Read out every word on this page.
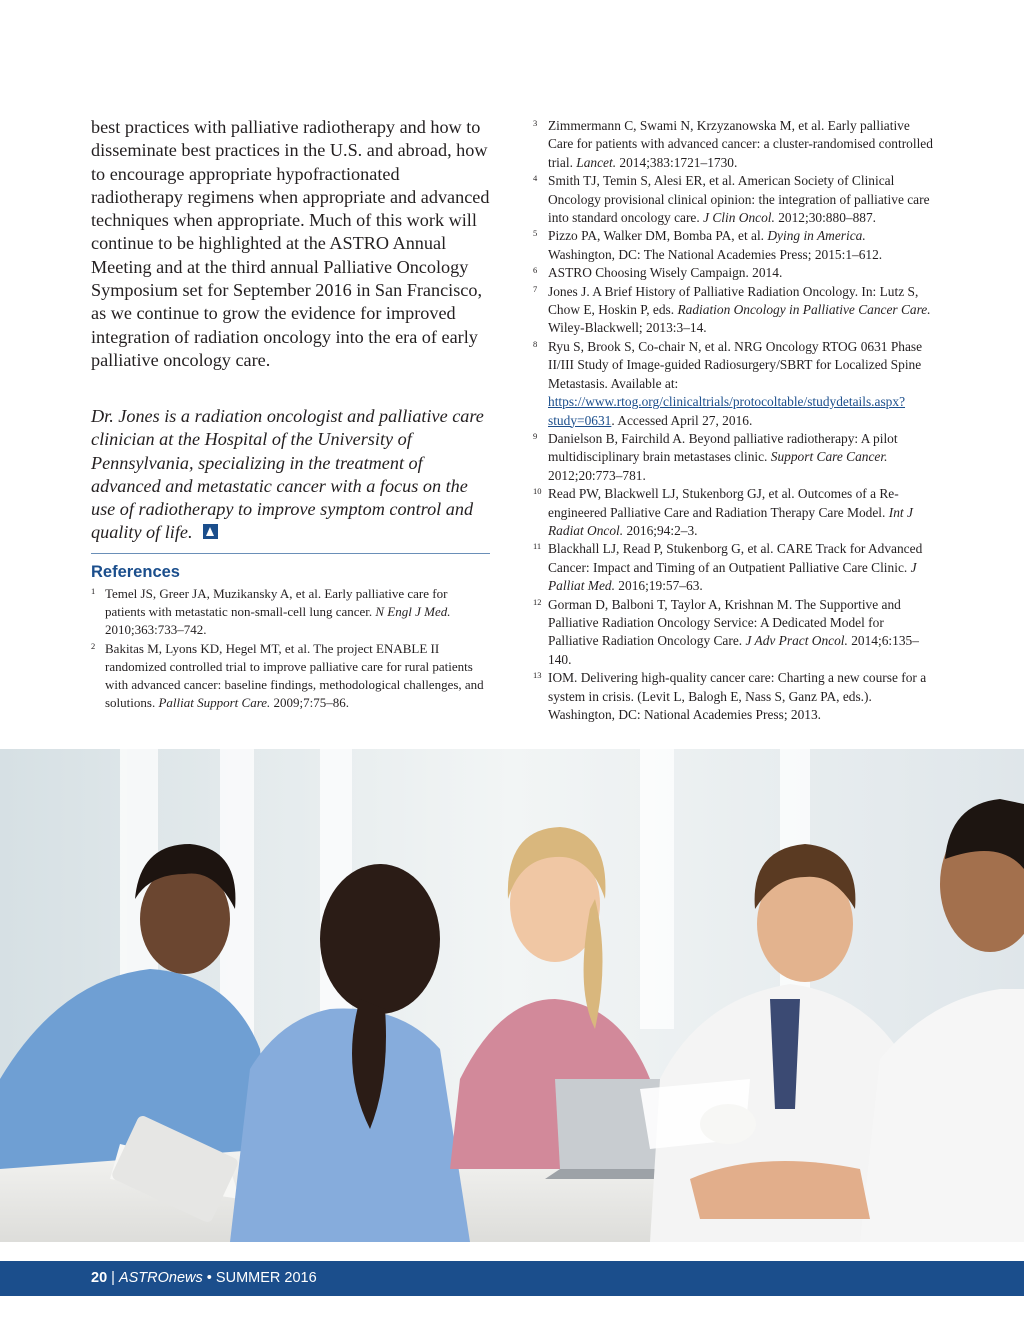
best practices with palliative radiotherapy and how to disseminate best practices in the U.S. and abroad, how to encourage appropriate hypofractionated radiotherapy regimens when appropriate and advanced techniques when appropriate. Much of this work will continue to be highlighted at the ASTRO Annual Meeting and at the third annual Palliative Oncology Symposium set for September 2016 in San Francisco, as we continue to grow the evidence for improved integration of radiation oncology into the era of early palliative oncology care.

Dr. Jones is a radiation oncologist and palliative care clinician at the Hospital of the University of Pennsylvania, specializing in the treatment of advanced and metastatic cancer with a focus on the use of radiotherapy to improve symptom control and quality of life.

References
1 Temel JS, Greer JA, Muzikansky A, et al. Early palliative care for patients with metastatic non-small-cell lung cancer. N Engl J Med. 2010;363:733–742.
2 Bakitas M, Lyons KD, Hegel MT, et al. The project ENABLE II randomized controlled trial to improve palliative care for rural patients with advanced cancer: baseline findings, methodological challenges, and solutions. Palliat Support Care. 2009;7:75–86.
3 Zimmermann C, Swami N, Krzyzanowska M, et al. Early palliative Care for patients with advanced cancer: a cluster-randomised controlled trial. Lancet. 2014;383:1721–1730.
4 Smith TJ, Temin S, Alesi ER, et al. American Society of Clinical Oncology provisional clinical opinion: the integration of palliative care into standard oncology care. J Clin Oncol. 2012;30:880–887.
5 Pizzo PA, Walker DM, Bomba PA, et al. Dying in America. Washington, DC: The National Academies Press; 2015:1–612.
6 ASTRO Choosing Wisely Campaign. 2014.
7 Jones J. A Brief History of Palliative Radiation Oncology. In: Lutz S, Chow E, Hoskin P, eds. Radiation Oncology in Palliative Cancer Care. Wiley-Blackwell; 2013:3–14.
8 Ryu S, Brook S, Co-chair N, et al. NRG Oncology RTOG 0631 Phase II/III Study of Image-guided Radiosurgery/SBRT for Localized Spine Metastasis. Available at: https://www.rtog.org/clinicaltrials/protocoltable/studydetails.aspx?study=0631. Accessed April 27, 2016.
9 Danielson B, Fairchild A. Beyond palliative radiotherapy: A pilot multidisciplinary brain metastases clinic. Support Care Cancer. 2012;20:773–781.
10 Read PW, Blackwell LJ, Stukenborg GJ, et al. Outcomes of a Re-engineered Palliative Care and Radiation Therapy Care Model. Int J Radiat Oncol. 2016;94:2–3.
11 Blackhall LJ, Read P, Stukenborg G, et al. CARE Track for Advanced Cancer: Impact and Timing of an Outpatient Palliative Care Clinic. J Palliat Med. 2016;19:57–63.
12 Gorman D, Balboni T, Taylor A, Krishnan M. The Supportive and Palliative Radiation Oncology Service: A Dedicated Model for Palliative Radiation Oncology Care. J Adv Pract Oncol. 2014;6:135–140.
13 IOM. Delivering high-quality cancer care: Charting a new course for a system in crisis. (Levit L, Balogh E, Nass S, Ganz PA, eds.). Washington, DC: National Academies Press; 2013.
20 | ASTROnews • SUMMER 2016
